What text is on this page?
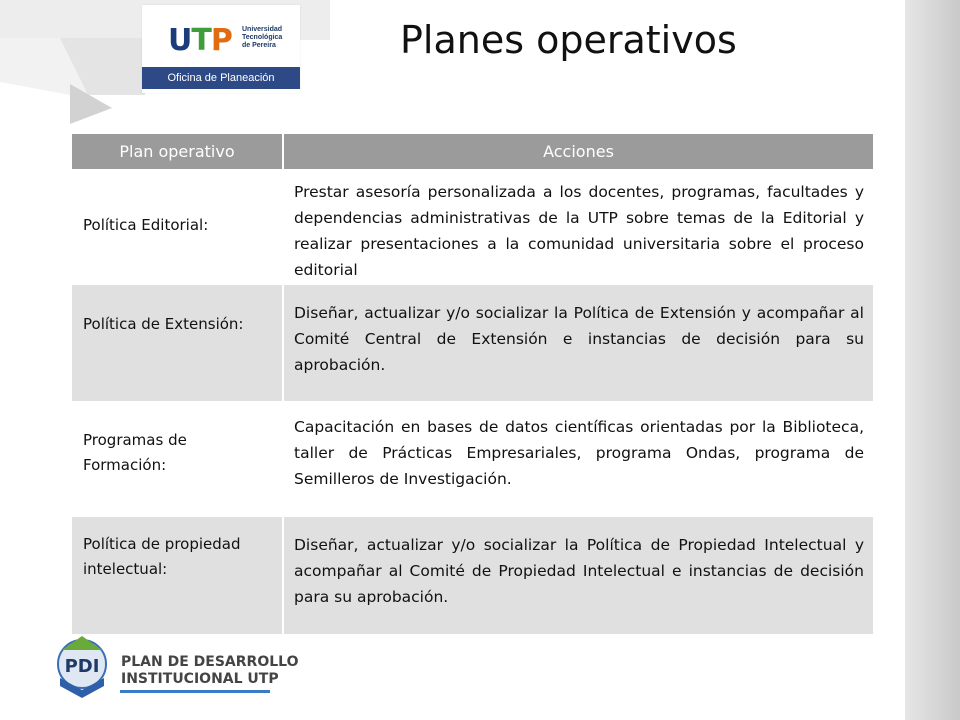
UTP Universidad
Tecnológica
de Pereira
Oficina de Planeación
Planes operativos
Plan operativo	Acciones
Política Editorial:	Prestar asesoría personalizada a los docentes, programas, facultades y dependencias administrativas de la UTP sobre temas de la Editorial y realizar presentaciones a la comunidad universitaria sobre el proceso editorial
Política de Extensión:	Diseñar, actualizar y/o socializar la Política de Extensión y acompañar al Comité Central de Extensión e instancias de decisión para su aprobación.
Programas de Formación:	Capacitación en bases de datos científicas orientadas por la Biblioteca, taller de Prácticas Empresariales, programa Ondas, programa de Semilleros de Investigación.
Política de propiedad intelectual:	Diseñar, actualizar y/o socializar la Política de Propiedad Intelectual y acompañar al Comité de Propiedad Intelectual e instancias de decisión para su aprobación.
PDI PLAN DE DESARROLLO
INSTITUCIONAL UTP
